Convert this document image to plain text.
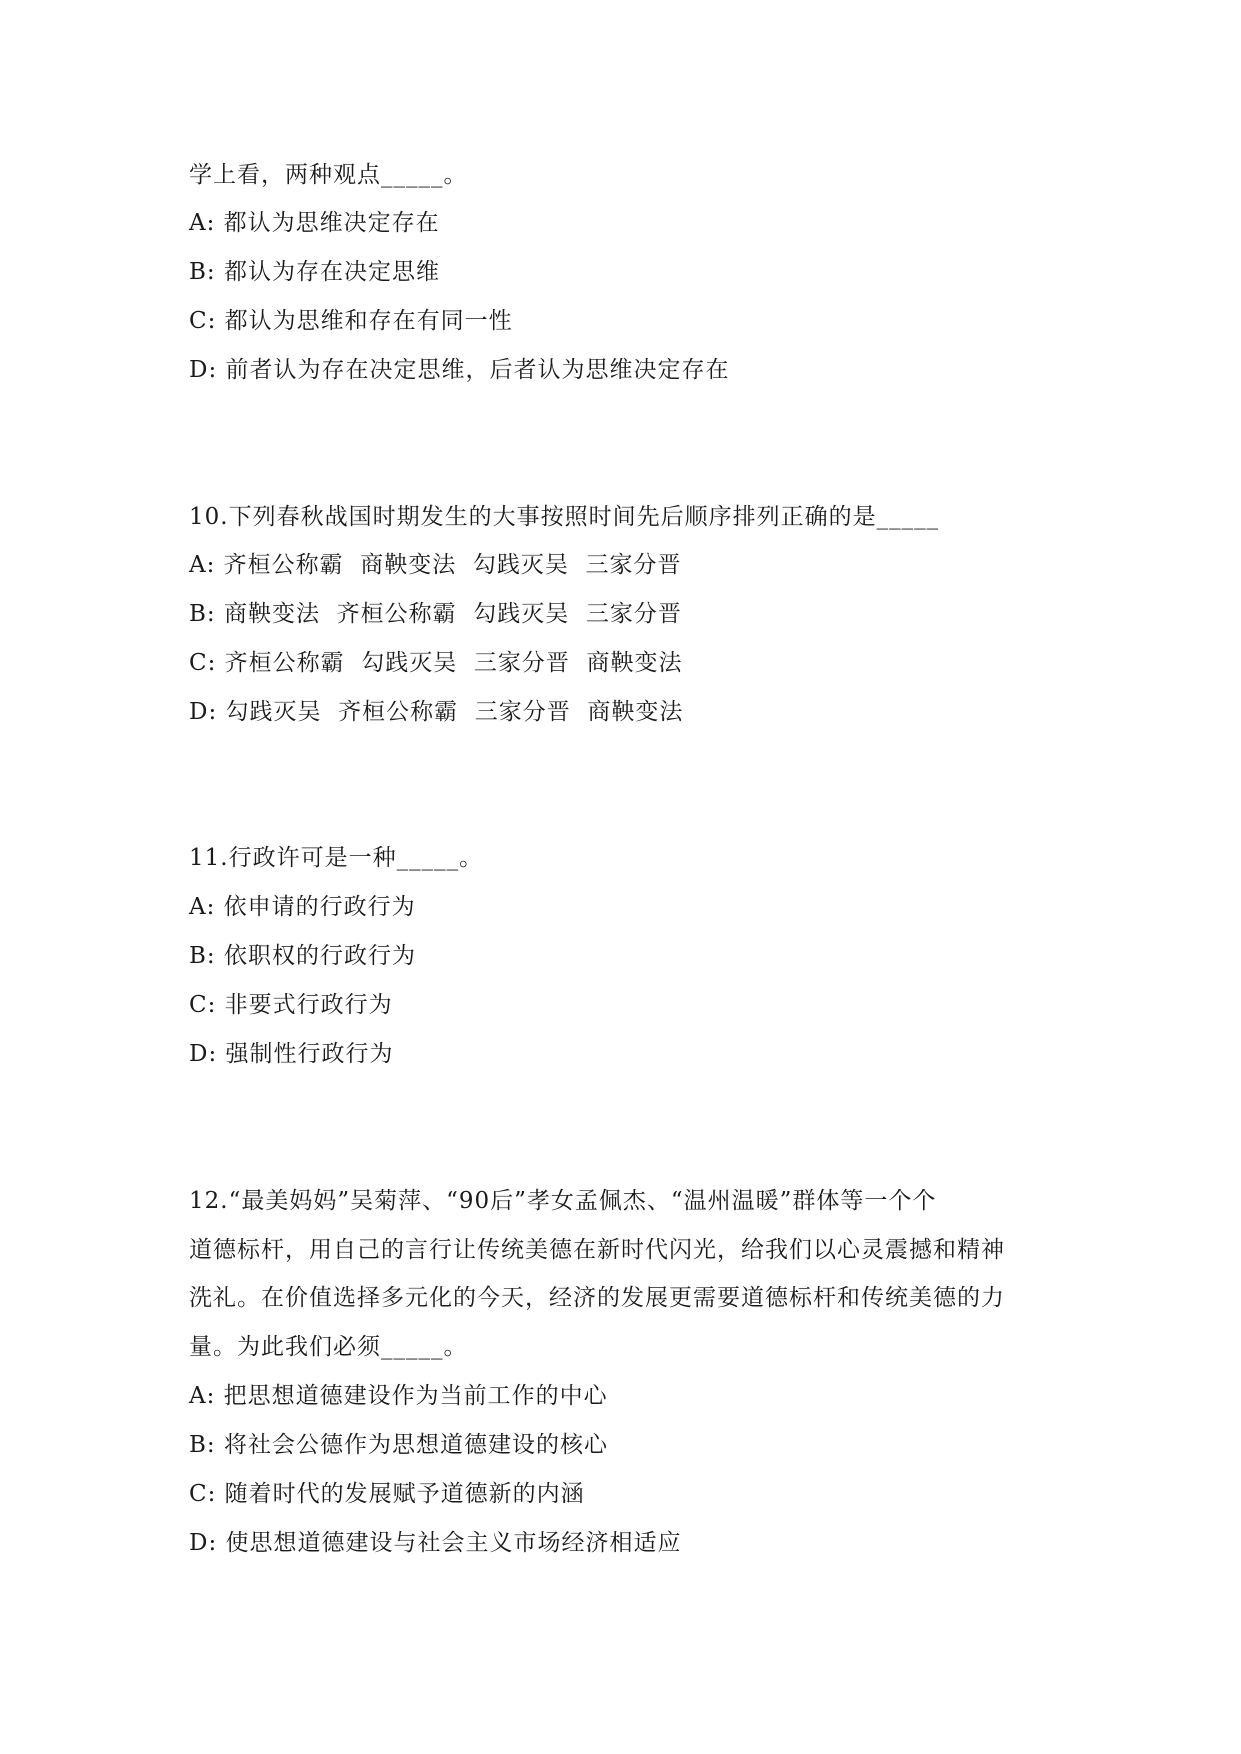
学上看，两种观点_____。
A: 都认为思维决定存在
B: 都认为存在决定思维
C: 都认为思维和存在有同一性
D: 前者认为存在决定思维，后者认为思维决定存在
10.下列春秋战国时期发生的大事按照时间先后顺序排列正确的是_____
A: 齐桓公称霸  商鞅变法  勾践灭吴  三家分晋
B: 商鞅变法  齐桓公称霸  勾践灭吴  三家分晋
C: 齐桓公称霸  勾践灭吴  三家分晋  商鞅变法
D: 勾践灭吴  齐桓公称霸  三家分晋  商鞅变法
11.行政许可是一种_____。
A: 依申请的行政行为
B: 依职权的行政行为
C: 非要式行政行为
D: 强制性行政行为
12.“最美妈妈”吴菊萍、“90后”孝女孟佩杰、“温州温暖”群体等一个个
道德标杆，用自己的言行让传统美德在新时代闪光，给我们以心灵震撼和精神
洗礼。在价值选择多元化的今天，经济的发展更需要道德标杆和传统美德的力
量。为此我们必须_____。
A: 把思想道德建设作为当前工作的中心
B: 将社会公德作为思想道德建设的核心
C: 随着时代的发展赋予道德新的内涵
D: 使思想道德建设与社会主义市场经济相适应
